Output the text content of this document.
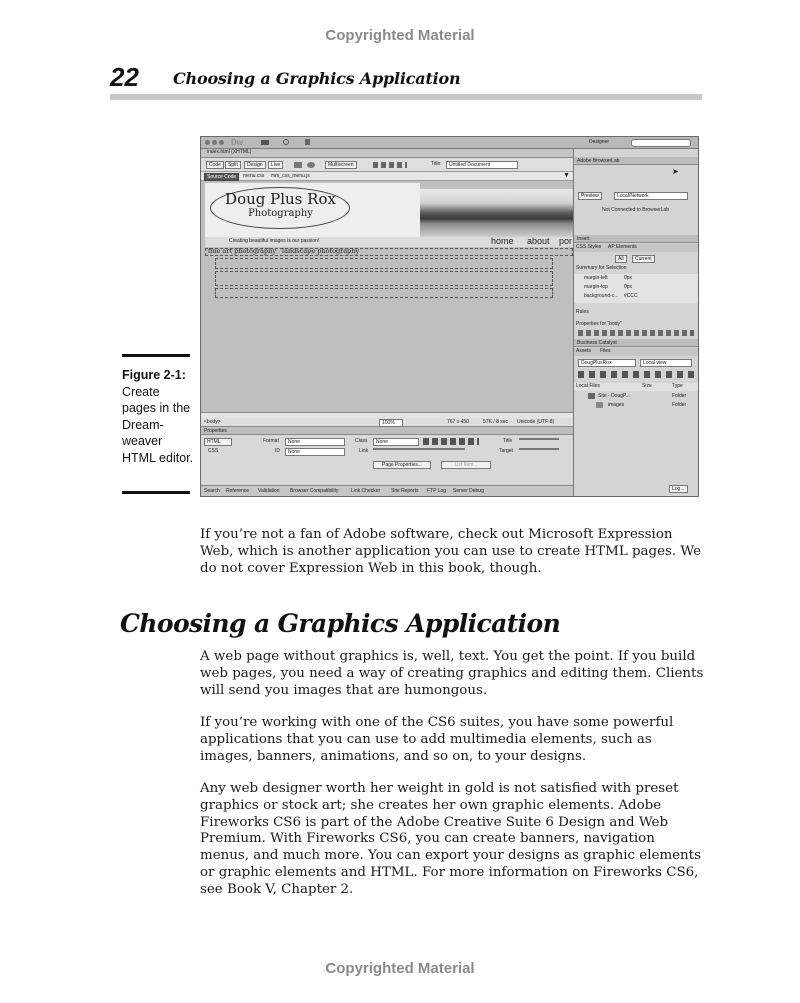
Copyrighted Material
22 Choosing a Graphics Application
Figure 2-1:
Create pages in the Dream-weaver HTML editor.
Dw	Designer
index.html (XHTML)
Code	Split	Design	Live	Multiscreen	Title:	Untitled Document
Source Code	menu.css mm_css_menu.js	▼
Doug Plus Rox
Photography
Creating beautiful images is our passion!	home about por
fine art photography landscape photography
<body>	100%	767 x 450	57K / 8 sec Unicode (UTF-8)
Properties
HTML
CSS
Format	None
ID	None
Class	None
Link
Title
Target
Page Properties...	List Item...
Search Reference Validation Browser Compatibility	Link Checker Site Reports FTP Log Server Debug
Adobe BrowserLab
➤
Preview	Local/Network
Not Connected to BrowserLab
Insert
CSS Styles AP Elements
All	Current
Summary for Selection
margin-left	0px
margin-top	0px
background-c... #CCC
Rules
Properties for "body"
Business Catalyst
Assets Files
DougPlusRox	Local view
Local Files	Size	Type
Site - DougP...	Folder
images	Folder
Log...

If you’re not a fan of Adobe software, check out Microsoft Expression Web, which is another application you can use to create HTML pages. We do not cover Expression Web in this book, though.

Choosing a Graphics Application

A web page without graphics is, well, text. You get the point. If you build web pages, you need a way of creating graphics and editing them. Clients will send you images that are humongous.

If you’re working with one of the CS6 suites, you have some powerful applications that you can use to add multimedia elements, such as images, banners, animations, and so on, to your designs.

Any web designer worth her weight in gold is not satisfied with preset graphics or stock art; she creates her own graphic elements. Adobe Fireworks CS6 is part of the Adobe Creative Suite 6 Design and Web Premium. With Fireworks CS6, you can create banners, navigation menus, and much more. You can export your designs as graphic elements or graphic elements and HTML. For more information on Fireworks CS6, see Book V, Chapter 2.

Copyrighted Material
